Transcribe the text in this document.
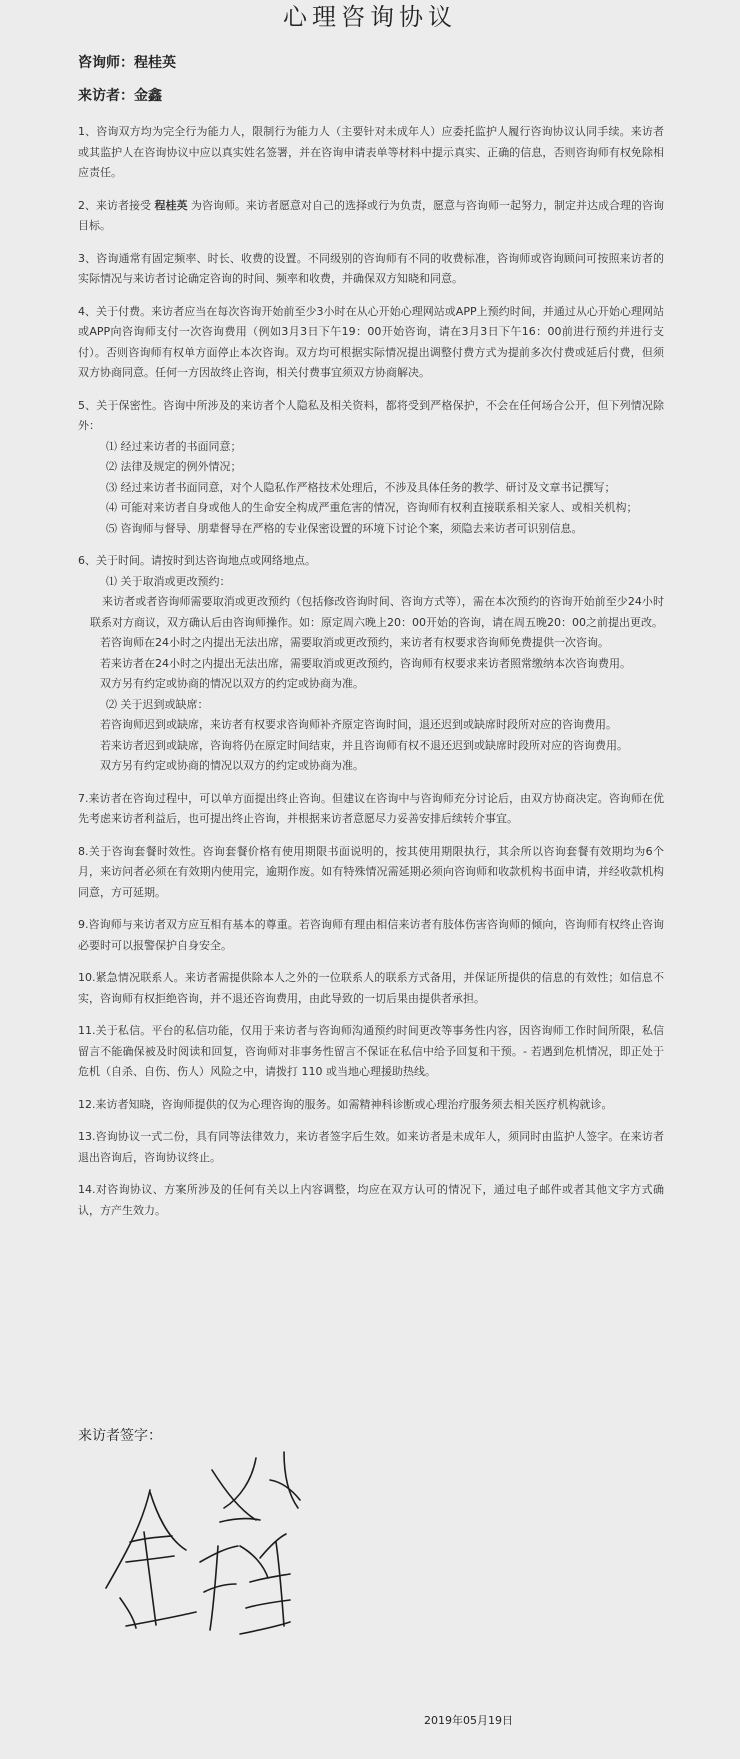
心理咨询协议
咨询师：程桂英
来访者：金鑫

1、咨询双方均为完全行为能力人，限制行为能力人（主要针对未成年人）应委托监护人履行咨询协议认同手续。来访者或其监护人在咨询协议中应以真实姓名签署，并在咨询申请表单等材料中提示真实、正确的信息，否则咨询师有权免除相应责任。

2、来访者接受 程桂英 为咨询师。来访者愿意对自己的选择或行为负责，愿意与咨询师一起努力，制定并达成合理的咨询目标。

3、咨询通常有固定频率、时长、收费的设置。不同级别的咨询师有不同的收费标准，咨询师或咨询顾问可按照来访者的实际情况与来访者讨论确定咨询的时间、频率和收费，并确保双方知晓和同意。

4、关于付费。来访者应当在每次咨询开始前至少3小时在从心开始心理网站或APP上预约时间，并通过从心开始心理网站或APP向咨询师支付一次咨询费用（例如3月3日下午19：00开始咨询，请在3月3日下午16：00前进行预约并进行支付）。否则咨询师有权单方面停止本次咨询。双方均可根据实际情况提出调整付费方式为提前多次付费或延后付费，但须双方协商同意。任何一方因故终止咨询，相关付费事宜须双方协商解决。

5、关于保密性。咨询中所涉及的来访者个人隐私及相关资料，都将受到严格保护，不会在任何场合公开，但下列情况除外：

⑴ 经过来访者的书面同意；

⑵ 法律及规定的例外情况；

⑶ 经过来访者书面同意，对个人隐私作严格技术处理后，不涉及具体任务的教学、研讨及文章书记撰写；

⑷ 可能对来访者自身或他人的生命安全构成严重危害的情况，咨询师有权利直接联系相关家人、或相关机构；

⑸ 咨询师与督导、朋辈督导在严格的专业保密设置的环境下讨论个案，须隐去来访者可识别信息。

6、关于时间。请按时到达咨询地点或网络地点。

⑴ 关于取消或更改预约：

来访者或者咨询师需要取消或更改预约（包括修改咨询时间、咨询方式等），需在本次预约的咨询开始前至少24小时联系对方商议，双方确认后由咨询师操作。如：原定周六晚上20：00开始的咨询，请在周五晚20：00之前提出更改。

若咨询师在24小时之内提出无法出席，需要取消或更改预约，来访者有权要求咨询师免费提供一次咨询。

若来访者在24小时之内提出无法出席，需要取消或更改预约，咨询师有权要求来访者照常缴纳本次咨询费用。

双方另有约定或协商的情况以双方的约定或协商为准。

⑵ 关于迟到或缺席：

若咨询师迟到或缺席，来访者有权要求咨询师补齐原定咨询时间，退还迟到或缺席时段所对应的咨询费用。

若来访者迟到或缺席，咨询将仍在原定时间结束，并且咨询师有权不退还迟到或缺席时段所对应的咨询费用。

双方另有约定或协商的情况以双方的约定或协商为准。

7.来访者在咨询过程中，可以单方面提出终止咨询。但建议在咨询中与咨询师充分讨论后，由双方协商决定。咨询师在优先考虑来访者利益后，也可提出终止咨询，并根据来访者意愿尽力妥善安排后续转介事宜。

8.关于咨询套餐时效性。咨询套餐价格有使用期限书面说明的，按其使用期限执行，其余所以咨询套餐有效期均为6个月，来访问者必须在有效期内使用完，逾期作废。如有特殊情况需延期必须向咨询师和收款机构书面申请，并经收款机构同意，方可延期。

9.咨询师与来访者双方应互相有基本的尊重。若咨询师有理由相信来访者有肢体伤害咨询师的倾向，咨询师有权终止咨询必要时可以报警保护自身安全。

10.紧急情况联系人。来访者需提供除本人之外的一位联系人的联系方式备用，并保证所提供的信息的有效性；如信息不实，咨询师有权拒绝咨询，并不退还咨询费用，由此导致的一切后果由提供者承担。

11.关于私信。平台的私信功能，仅用于来访者与咨询师沟通预约时间更改等事务性内容，因咨询师工作时间所限，私信留言不能确保被及时阅读和回复，咨询师对非事务性留言不保证在私信中给予回复和干预。- 若遇到危机情况，即正处于危机（自杀、自伤、伤人）风险之中，请拨打 110 或当地心理援助热线。

12.来访者知晓，咨询师提供的仅为心理咨询的服务。如需精神科诊断或心理治疗服务须去相关医疗机构就诊。

13.咨询协议一式二份，具有同等法律效力，来访者签字后生效。如来访者是未成年人，须同时由监护人签字。在来访者退出咨询后，咨询协议终止。

14.对咨询协议、方案所涉及的任何有关以上内容调整，均应在双方认可的情况下，通过电子邮件或者其他文字方式确认，方产生效力。

来访者签字：
2019年05月19日
